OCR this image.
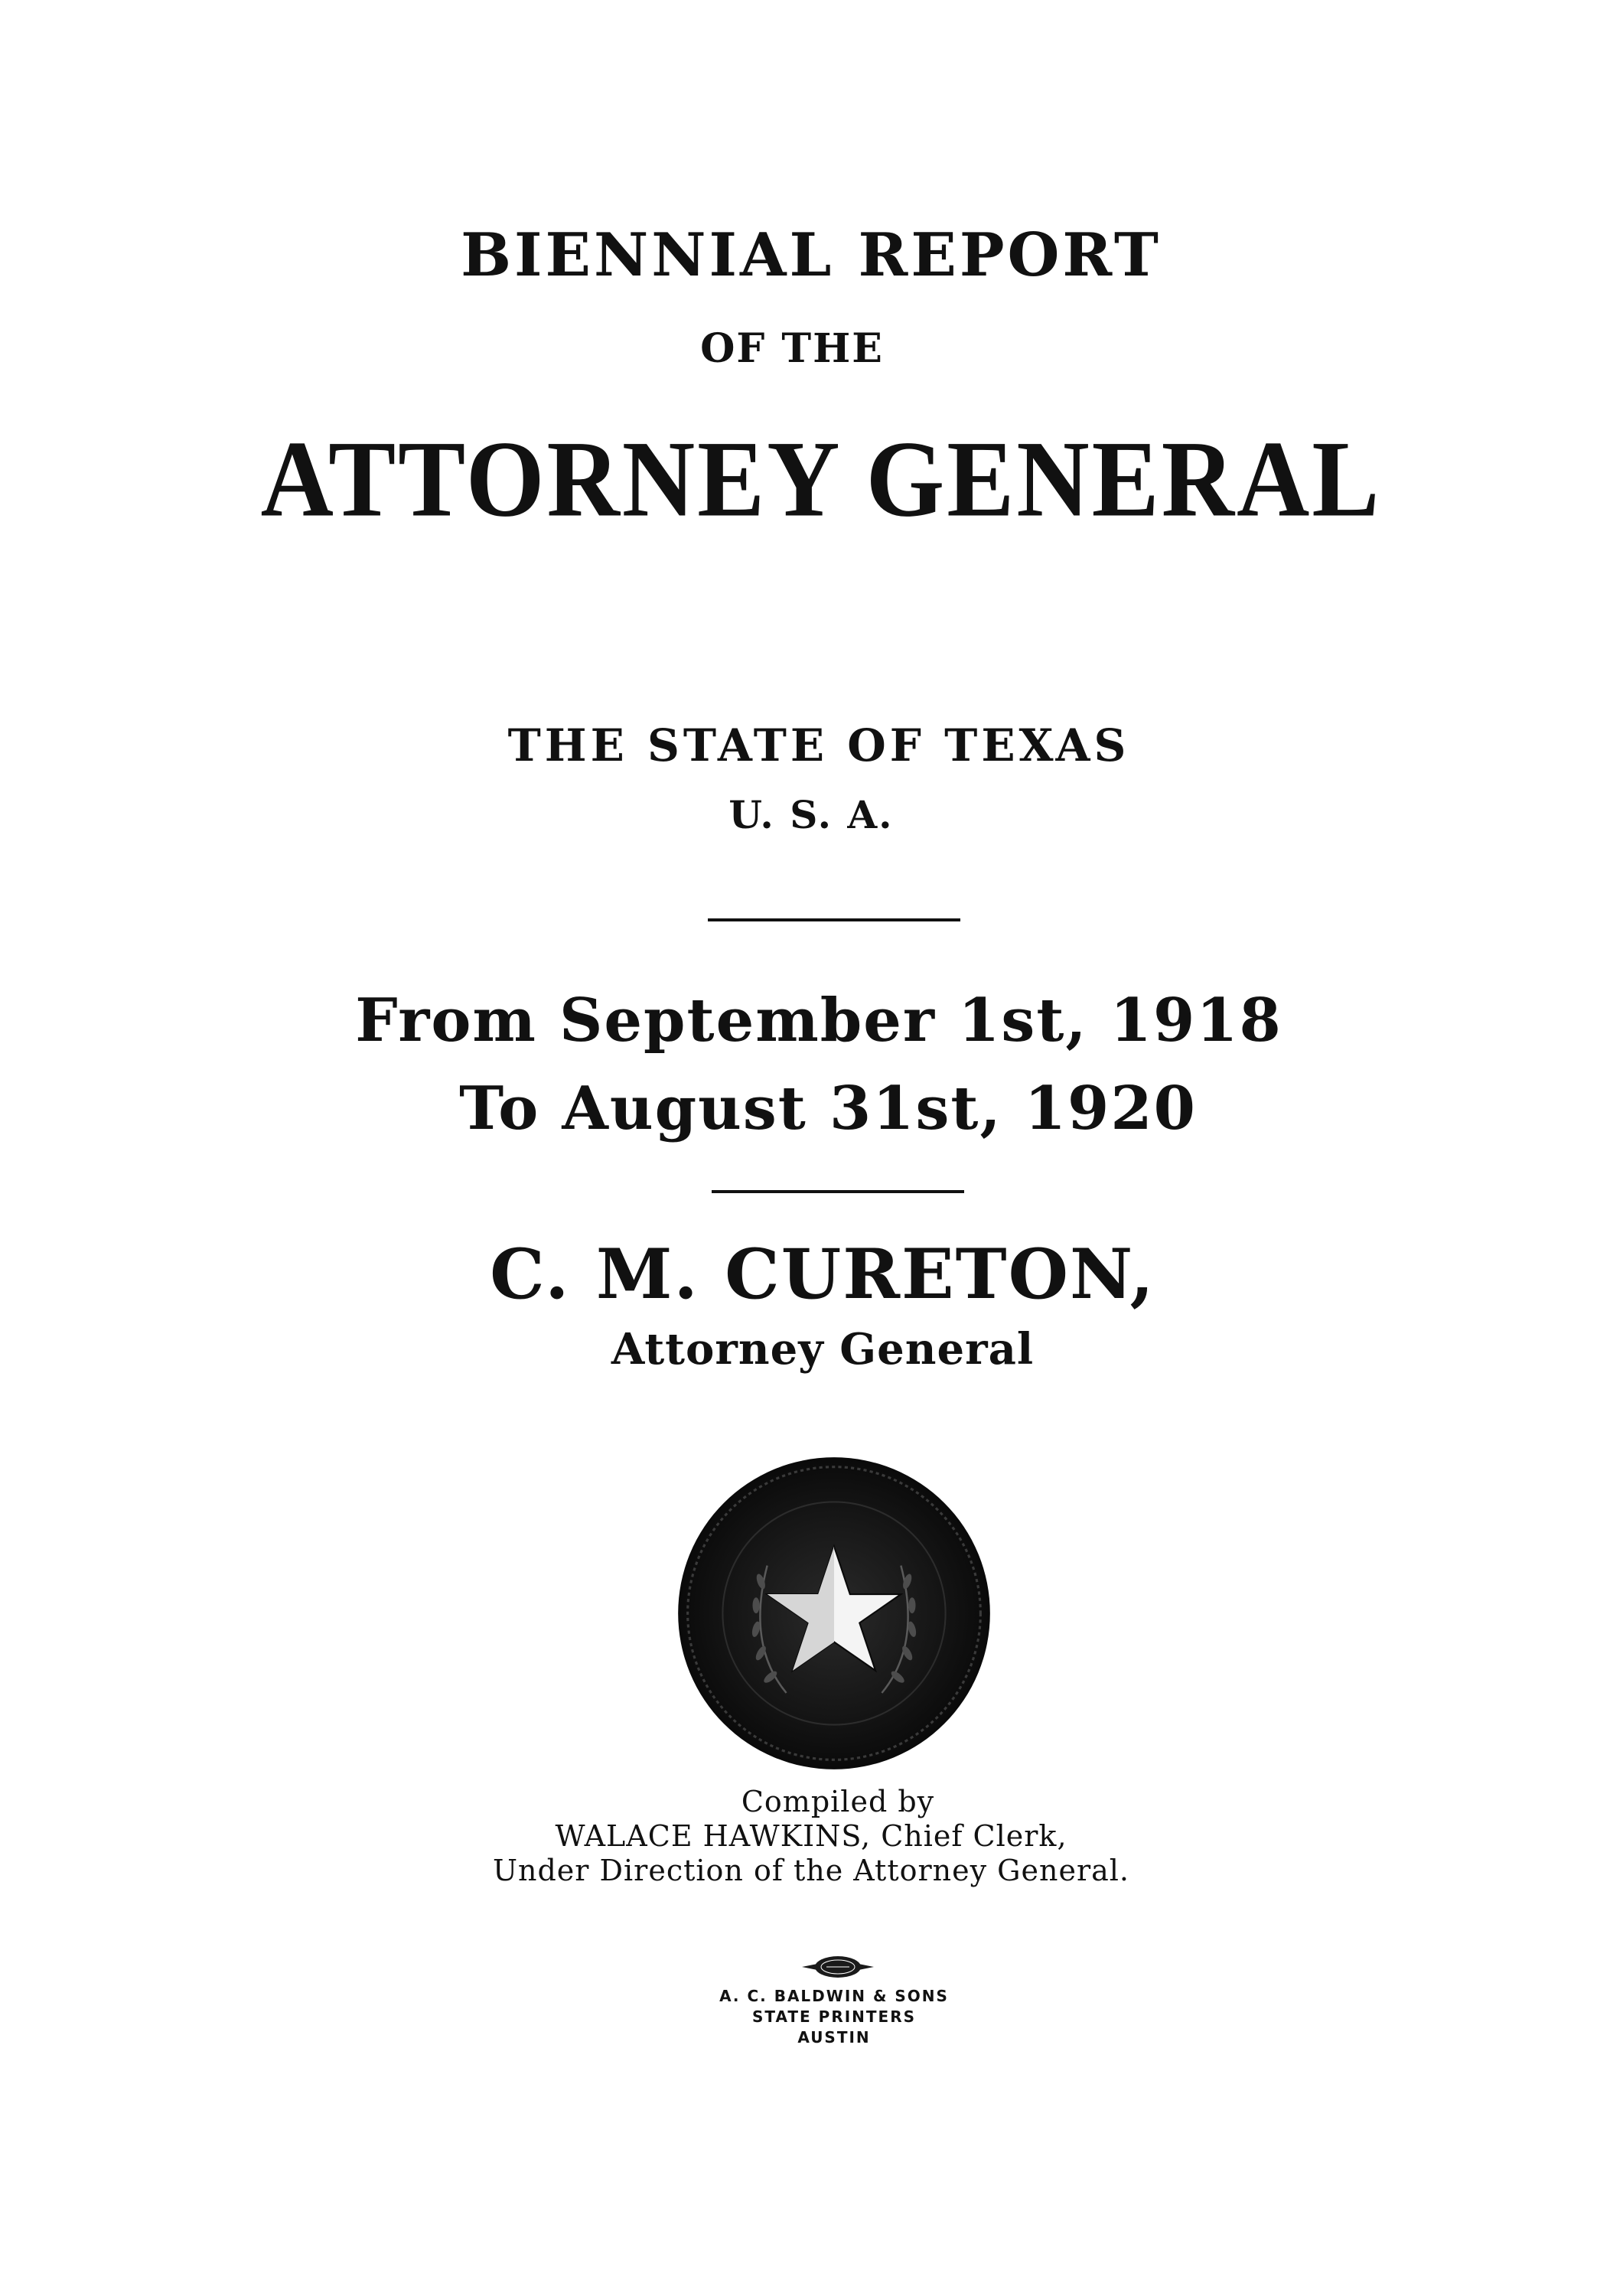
BIENNIAL REPORT
OF THE
ATTORNEY GENERAL
THE STATE OF TEXAS
U. S. A.
From September 1st, 1918
To August 31st, 1920
C. M. CURETON,
Attorney General
Compiled by
WALACE HAWKINS, Chief Clerk,
Under Direction of the Attorney General.
A. C. BALDWIN & SONS
STATE PRINTERS
AUSTIN
